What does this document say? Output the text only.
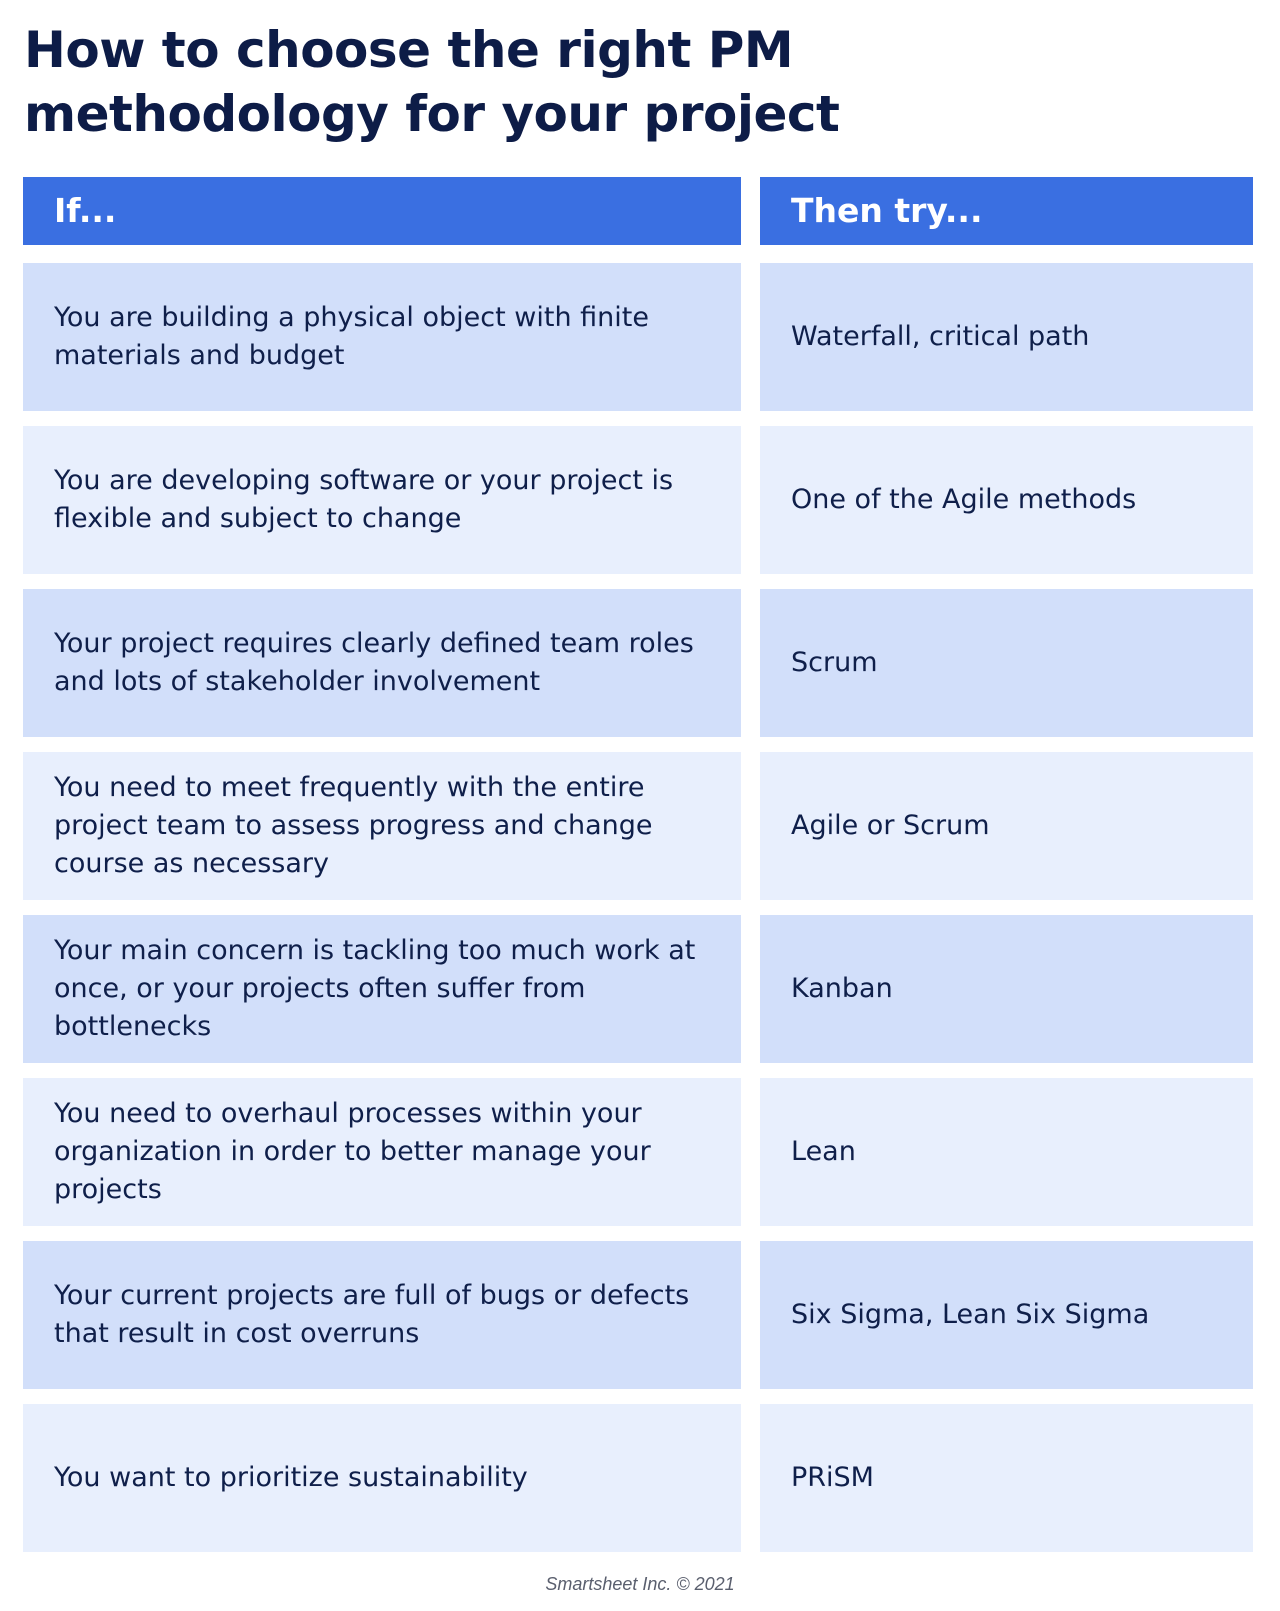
How to choose the right PM
methodology for your project
If...	Then try...
You are building a physical object with finite materials and budget
Waterfall, critical path
You are developing software or your project is flexible and subject to change
One of the Agile methods
Your project requires clearly defined team roles and lots of stakeholder involvement
Scrum
You need to meet frequently with the entire project team to assess progress and change course as necessary
Agile or Scrum
Your main concern is tackling too much work at once, or your projects often suffer from bottlenecks
Kanban
You need to overhaul processes within your organization in order to better manage your projects
Lean
Your current projects are full of bugs or defects that result in cost overruns
Six Sigma, Lean Six Sigma
You want to prioritize sustainability	PRiSM
Smartsheet Inc. © 2021
